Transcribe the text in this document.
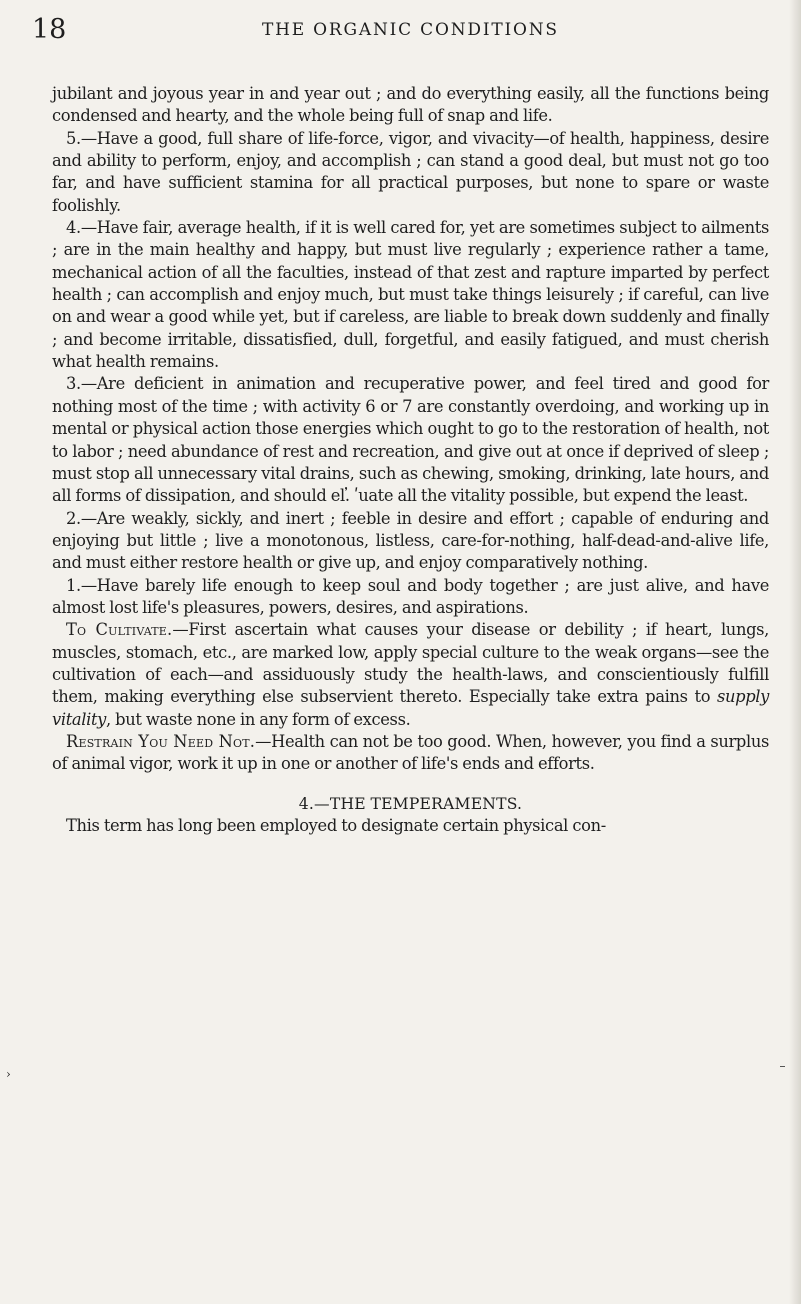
18	THE ORGANIC CONDITIONS

jubilant and joyous year in and year out ; and do everything easily, all the functions being condensed and hearty, and the whole being full of snap and life.

5.—Have a good, full share of life-force, vigor, and vivacity—of health, happiness, desire and ability to perform, enjoy, and accomplish ; can stand a good deal, but must not go too far, and have sufficient stamina for all practical purposes, but none to spare or waste foolishly.

4.—Have fair, average health, if it is well cared for, yet are sometimes subject to ailments ; are in the main healthy and happy, but must live regularly ; experience rather a tame, mechanical action of all the faculties, instead of that zest and rapture imparted by perfect health ; can accomplish and enjoy much, but must take things leisurely ; if careful, can live on and wear a good while yet, but if careless, are liable to break down suddenly and finally ; and become irritable, dissatisfied, dull, forgetful, and easily fatigued, and must cherish what health remains.

3.—Are deficient in animation and recuperative power, and feel tired and good for nothing most of the time ; with activity 6 or 7 are constantly overdoing, and working up in mental or physical action those energies which ought to go to the restoration of health, not to labor ; need abundance of rest and recreation, and give out at once if deprived of sleep ; must stop all unnecessary vital drains, such as chewing, smoking, drinking, late hours, and all forms of dissipation, and should el.̓ ʹuate all the vitality possible, but expend the least.

2.—Are weakly, sickly, and inert ; feeble in desire and effort ; capable of enduring and enjoying but little ; live a monotonous, listless, care-for-nothing, half-dead-and-alive life, and must either restore health or give up, and enjoy comparatively nothing.

1.—Have barely life enough to keep soul and body together ; are just alive, and have almost lost life's pleasures, powers, desires, and aspirations.

To Cultivate.—First ascertain what causes your disease or debility ; if heart, lungs, muscles, stomach, etc., are marked low, apply special culture to the weak organs—see the cultivation of each—and assiduously study the health-laws, and conscientiously fulfill them, making everything else subservient thereto. Especially take extra pains to supply vitality, but waste none in any form of excess.

Restrain You Need Not.—Health can not be too good. When, however, you find a surplus of animal vigor, work it up in one or another of life's ends and efforts.

4.—THE TEMPERAMENTS.

This term has long been employed to designate certain physical con-

›
